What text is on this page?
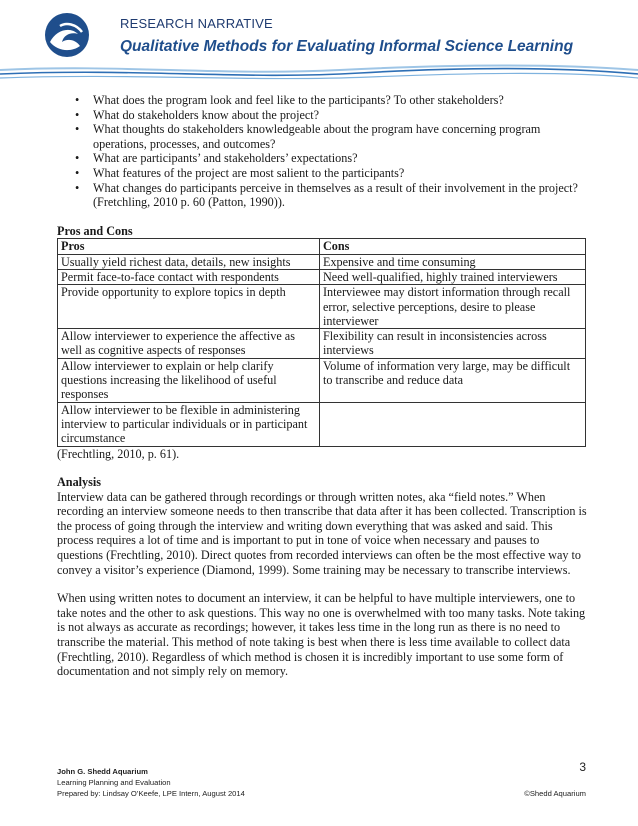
RESEARCH NARRATIVE
Qualitative Methods for Evaluating Informal Science Learning
• What does the program look and feel like to the participants? To other stakeholders?
• What do stakeholders know about the project?
• What thoughts do stakeholders knowledgeable about the program have concerning program operations, processes, and outcomes?
• What are participants’ and stakeholders’ expectations?
• What features of the project are most salient to the participants?
• What changes do participants perceive in themselves as a result of their involvement in the project? (Fretchling, 2010 p. 60 (Patton, 1990)).
Pros and Cons
Pros	Cons
Usually yield richest data, details, new insights	Expensive and time consuming
Permit face-to-face contact with respondents	Need well-qualified, highly trained interviewers
Provide opportunity to explore topics in depth	Interviewee may distort information through recall error, selective perceptions, desire to please interviewer
Allow interviewer to experience the affective as well as cognitive aspects of responses	Flexibility can result in inconsistencies across interviews
Allow interviewer to explain or help clarify questions increasing the likelihood of useful responses	Volume of information very large, may be difficult to transcribe and reduce data
Allow interviewer to be flexible in administering interview to particular individuals or in participant circumstance	
(Frechtling, 2010, p. 61).
Analysis

Interview data can be gathered through recordings or through written notes, aka “field notes.” When recording an interview someone needs to then transcribe that data after it has been collected. Transcription is the process of going through the interview and writing down everything that was asked and said. This process requires a lot of time and is important to put in tone of voice when necessary and pauses to questions (Frechtling, 2010). Direct quotes from recorded interviews can often be the most effective way to convey a visitor’s experience (Diamond, 1999). Some training may be necessary to transcribe interviews.

When using written notes to document an interview, it can be helpful to have multiple interviewers, one to take notes and the other to ask questions. This way no one is overwhelmed with too many tasks. Note taking is not always as accurate as recordings; however, it takes less time in the long run as there is no need to transcribe the material. This method of note taking is best when there is less time available to collect data (Frechtling, 2010). Regardless of which method is chosen it is incredibly important to use some form of documentation and not simply rely on memory.

John G. Shedd Aquarium
Learning Planning and Evaluation
Prepared by: Lindsay O’Keefe, LPE Intern, August 2014
3
©Shedd Aquarium
